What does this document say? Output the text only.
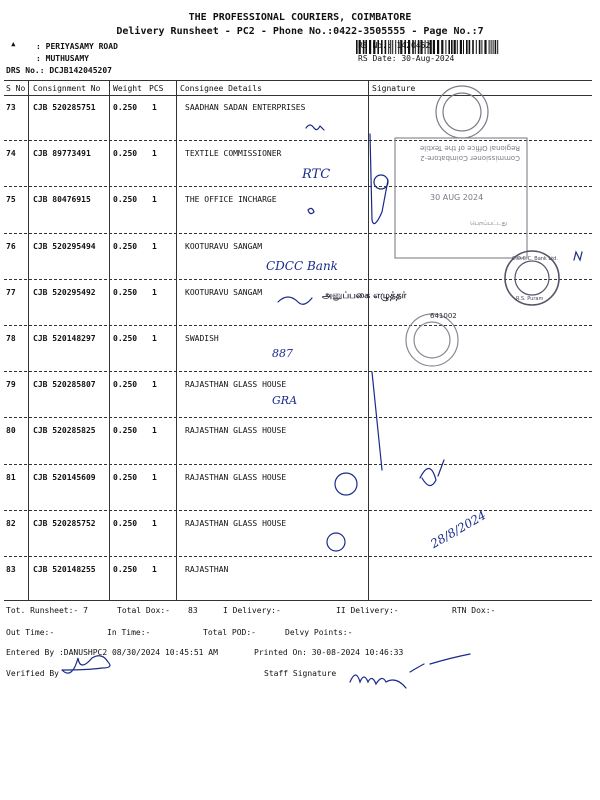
THE PROFESSIONAL COURIERS, COIMBATORE
Delivery Runsheet - PC2 - Phone No.:0422-3505555 - Page No.:7
▴ : PERIYASAMY ROAD
: MUTHUSAMY
DRS No.: DCJB142045207
RS No.: 1420452
RS Date: 30-Aug-2024
S No Consignment No Weight PCS Consignee Details	Signature
73 CJB 520285751 0.250 1	SAADHAN SADAN ENTERPRISES
74 CJB 89773491	0.250 1	TEXTILE COMMISSIONER
75 CJB 80476915	0.250 1	THE OFFICE INCHARGE
76 CJB 520295494 0.250 1	KOOTURAVU SANGAM
77 CJB 520295492 0.250 1	KOOTURAVU SANGAM
78 CJB 520148297 0.250 1	SWADISH
79 CJB 520285807 0.250 1	RAJASTHAN GLASS HOUSE
80 CJB 520285825 0.250 1	RAJASTHAN GLASS HOUSE
81 CJB 520145609 0.250 1	RAJASTHAN GLASS HOUSE
82 CJB 520285752 0.250 1	RAJASTHAN GLASS HOUSE
83 CJB 520148255 0.250 1	RAJASTHAN
Regional Office of the Textile
Commissioner Coimbatore-2
30 AUG 2024
பெறப்பட்டது
C.D.C.C. Bank Ltd.
R.S. Puram
அனுப்பகை எழுத்தர்
641002
RTC
CDCC Bank
887
GRA
28/8/2024
Tot. Runsheet:- 7	Total Dox:- 83	I Delivery:-	II Delivery:-	RTN Dox:-
Out Time:-	In Time:-	Total POD:-	Delvy Points:-
Entered By :DANUSHPC2 08/30/2024 10:45:51 AM	Printed On: 30-08-2024 10:46:33
Verified By	Staff Signature
